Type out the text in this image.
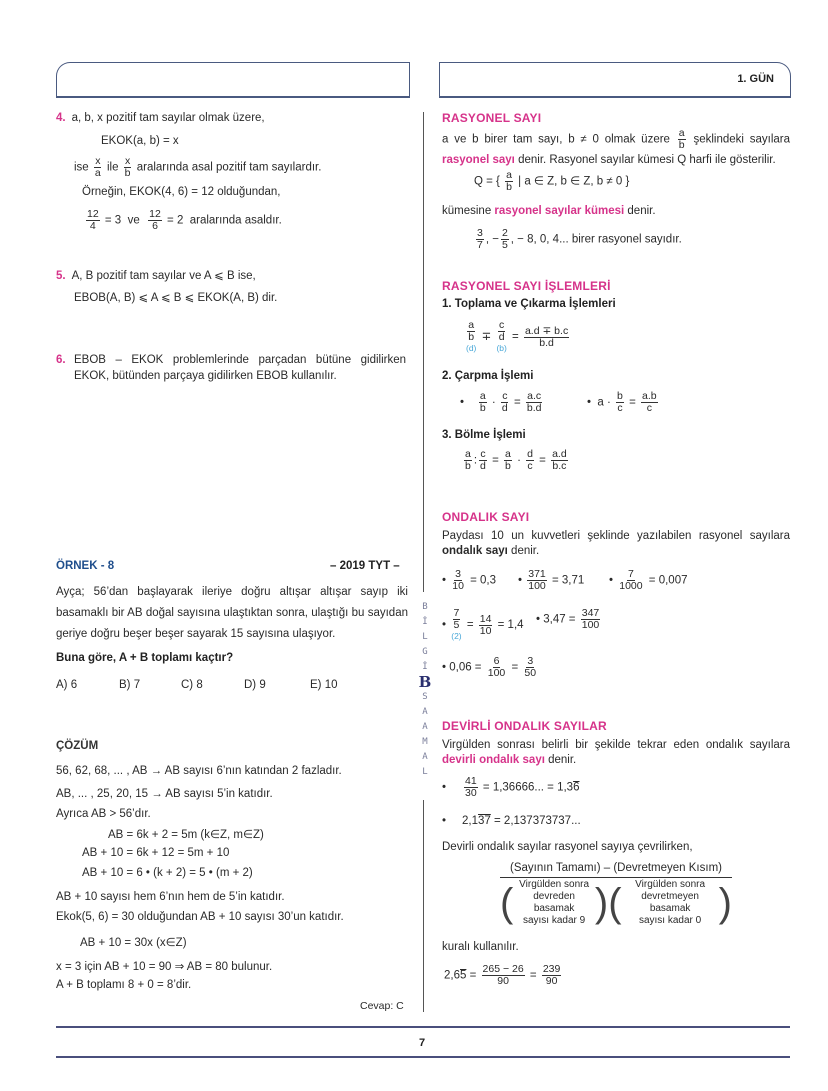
1. GÜN
B
İ
L
G
İ
B
S
A
A
M
A
L
4. a, b, x pozitif tam sayılar olmak üzere,
EKOK(a, b) = x
ise $\frac{x}{a}$ ile $\frac{x}{b}$ aralarında asal pozitif tam sayılardır.
Örneğin, EKOK(4, 6) = 12 olduğundan,
$\frac{12}{4} = 3$ ve $\frac{12}{6} = 2$ aralarında asaldır.
5. A, B pozitif tam sayılar ve A ⩽ B ise,
EBOB(A, B) ⩽ A ⩽ B ⩽ EKOK(A, B) dir.
6. EBOB – EKOK problemlerinde parçadan bütüne gidilirken EKOK, bütünden parçaya gidilirken EBOB kullanılır.
ÖRNEK - 8	– 2019 TYT –
Ayça; 56’dan başlayarak ileriye doğru altışar altışar sayıp iki basamaklı bir AB doğal sayısına ulaştıktan sonra, ulaştığı bu sayıdan geriye doğru beşer beşer sayarak 15 sayısına ulaşıyor.
Buna göre, A + B toplamı kaçtır?
A) 6	B) 7	C) 8	D) 9	E) 10
ÇÖZÜM
56, 62, 68, ... , AB → AB sayısı 6’nın katından 2 fazladır.
AB, ... , 25, 20, 15 → AB sayısı 5’in katıdır.
Ayrıca AB > 56’dır.
AB = 6k + 2 = 5m (k∈Z, m∈Z)
AB + 10 = 6k + 12 = 5m + 10
AB + 10 = 6 • (k + 2) = 5 • (m + 2)
AB + 10 sayısı hem 6’nın hem de 5’in katıdır.
Ekok(5, 6) = 30 olduğundan AB + 10 sayısı 30’un katıdır.
AB + 10 = 30x (x∈Z)
x = 3 için AB + 10 = 90 ⇒ AB = 80 bulunur.
A + B toplamı 8 + 0 = 8’dir.
Cevap: C
RASYONEL SAYI
a ve b birer tam sayı, b ≠ 0 olmak üzere $\frac{a}{b}$ şeklindeki sayılara rasyonel sayı denir. Rasyonel sayılar kümesi Q harfi ile gösterilir.
Q = { $\frac{a}{b}$ | a ∈ Z, b ∈ Z, b ≠ 0 }
kümesine rasyonel sayılar kümesi denir.
$\frac{3}{7}$ , − $\frac{2}{5}$ , − 8, 0, 4... birer rasyonel sayıdır.
RASYONEL SAYI İŞLEMLERİ
1. Toplama ve Çıkarma İşlemleri
a
b
(d)
∓
c
d
(b)
= $\frac{a.d \mp b.c}{b.d}$
2. Çarpma İşlemi
• $\frac{a}{b} \cdot \frac{c}{d} = \frac{a.c}{b.d}$	• $a \cdot \frac{b}{c} = \frac{a.b}{c}$
3. Bölme İşlemi
$\frac{a}{b}$ : $\frac{c}{d} = \frac{a}{b} \cdot \frac{d}{c} = \frac{a.d}{b.c}$
ONDALIK SAYI
Paydası 10 un kuvvetleri şeklinde yazılabilen rasyonel sayılara ondalık sayı denir.
• $\frac{3}{10} = 0,3$ • $\frac{371}{100} = 3,71$ • $\frac{7}{1000} = 0,007$
•
7
5
(2)
= $\frac{14}{10} = 1,4$ • $3,47 = \frac{347}{100}$
• $0,06 = \frac{6}{100} = \frac{3}{50}$
DEVİRLİ ONDALIK SAYILAR
Virgülden sonrası belirli bir şekilde tekrar eden ondalık sayılara devirli ondalık sayı denir.
• $\frac{41}{30} = 1,36666$... = 1,36
• 2,137 = 2,137373737...
Devirli ondalık sayılar rasyonel sayıya çevrilirken,
(Sayının Tamamı) – (Devretmeyen Kısım)
( Virgülden sonra
devreden basamak
sayısı kadar 9 ) (	Virgülden sonra
devretmeyen basamak
sayısı kadar 0 )
kuralı kullanılır.
$2,65 = \frac{265 - 26}{90} = \frac{239}{90}$
7
